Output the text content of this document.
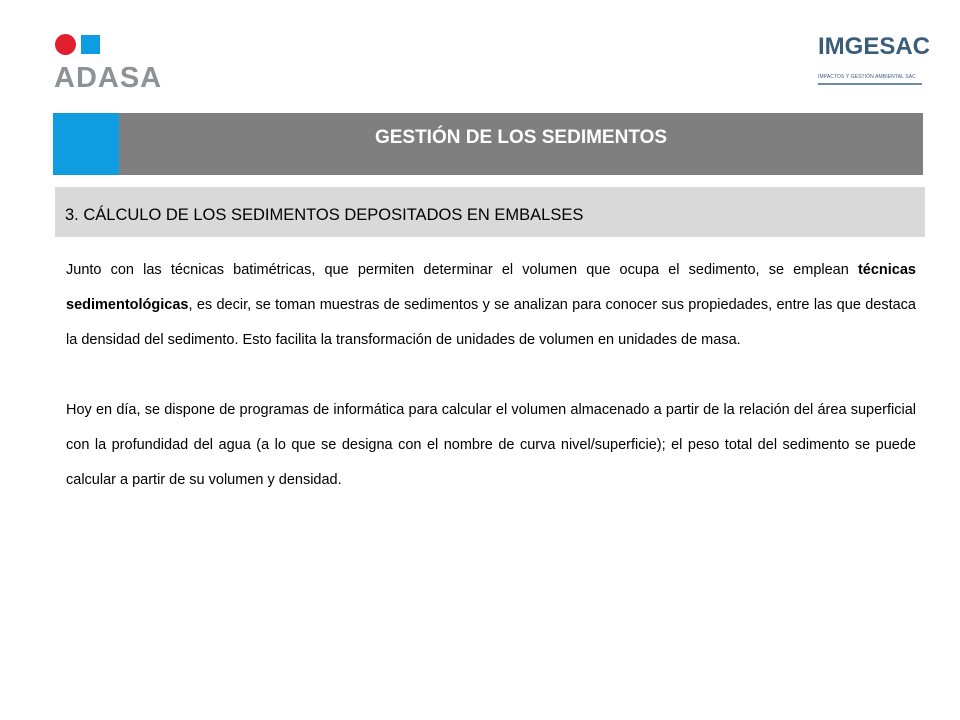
ADASA
IMGESAC
IMPACTOS Y GESTIÓN AMBIENTAL SAC
GESTIÓN DE LOS SEDIMENTOS
3. CÁLCULO DE LOS SEDIMENTOS DEPOSITADOS EN EMBALSES

Junto con las técnicas batimétricas, que permiten determinar el volumen que ocupa el sedimento, se emplean técnicas sedimentológicas, es decir, se toman muestras de sedimentos y se analizan para conocer sus propiedades, entre las que destaca la densidad del sedimento. Esto facilita la transformación de unidades de volumen en unidades de masa.

Hoy en día, se dispone de programas de informática para calcular el volumen almacenado a partir de la relación del área superficial con la profundidad del agua (a lo que se designa con el nombre de curva nivel/superficie); el peso total del sedimento se puede calcular a partir de su volumen y densidad.
